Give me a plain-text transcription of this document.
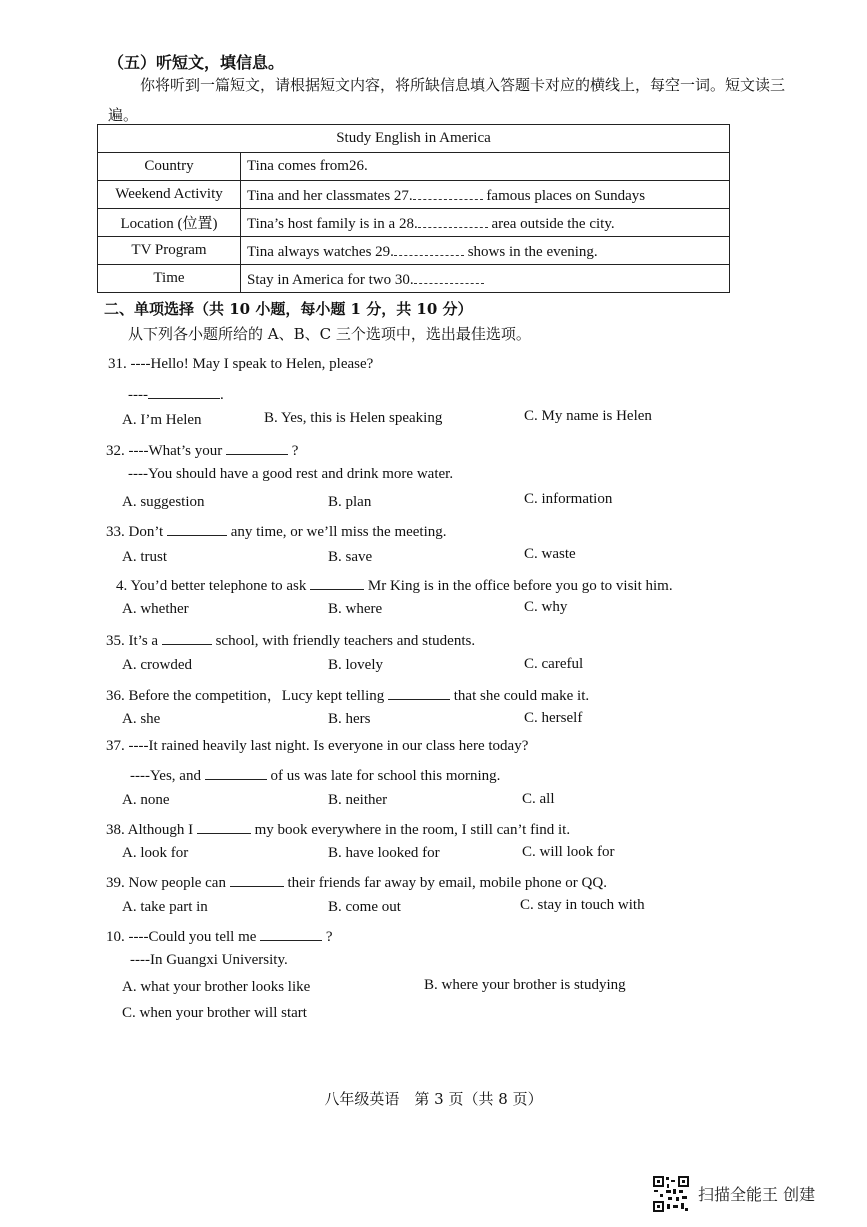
（五）听短文，填信息。
你将听到一篇短文，请根据短文内容，将所缺信息填入答题卡对应的横线上，每空一词。短文读三遍。
Study English in America	
Country	Tina comes from26.
Weekend Activity	Tina and her classmates 27. famous places on Sundays
Location (位置)	Tina’s host family is in a 28. area outside the city.
TV Program	Tina always watches 29. shows in the evening.
Time	Stay in America for two 30.
二、单项选择（共 10 小题，每小题 1 分，共 10 分）
从下列各小题所给的 A、B、C 三个选项中，选出最佳选项。
31. ----Hello! May I speak to Helen, please?
----	.
A. I’m Helen	B. Yes, this is Helen speaking	C. My name is Helen
32. ----What’s your	?
----You should have a good rest and drink more water.
A. suggestion	B. plan	C. information
33. Don’t	any time, or we’ll miss the meeting.
A. trust	B. save	C. waste
4. You’d better telephone to ask	Mr King is in the office before you go to visit him.
A. whether	B. where	C. why
35. It’s a	school, with friendly teachers and students.
A. crowded	B. lovely	C. careful
36. Before the competition，Lucy kept telling	that she could make it.
A. she	B. hers	C. herself
37. ----It rained heavily last night. Is everyone in our class here today?
----Yes, and	of us was late for school this morning.
A. none	B. neither	C. all
38. Although I	my book everywhere in the room, I still can’t find it.
A. look for	B. have looked for	C. will look for
39. Now people can	their friends far away by email, mobile phone or QQ.
A. take part in	B. come out	C. stay in touch with
10. ----Could you tell me	?
----In Guangxi University.
A. what your brother looks like	B. where your brother is studying
C. when your brother will start
八年级英语　第 3 页（共 8 页）
扫描全能王 创建
